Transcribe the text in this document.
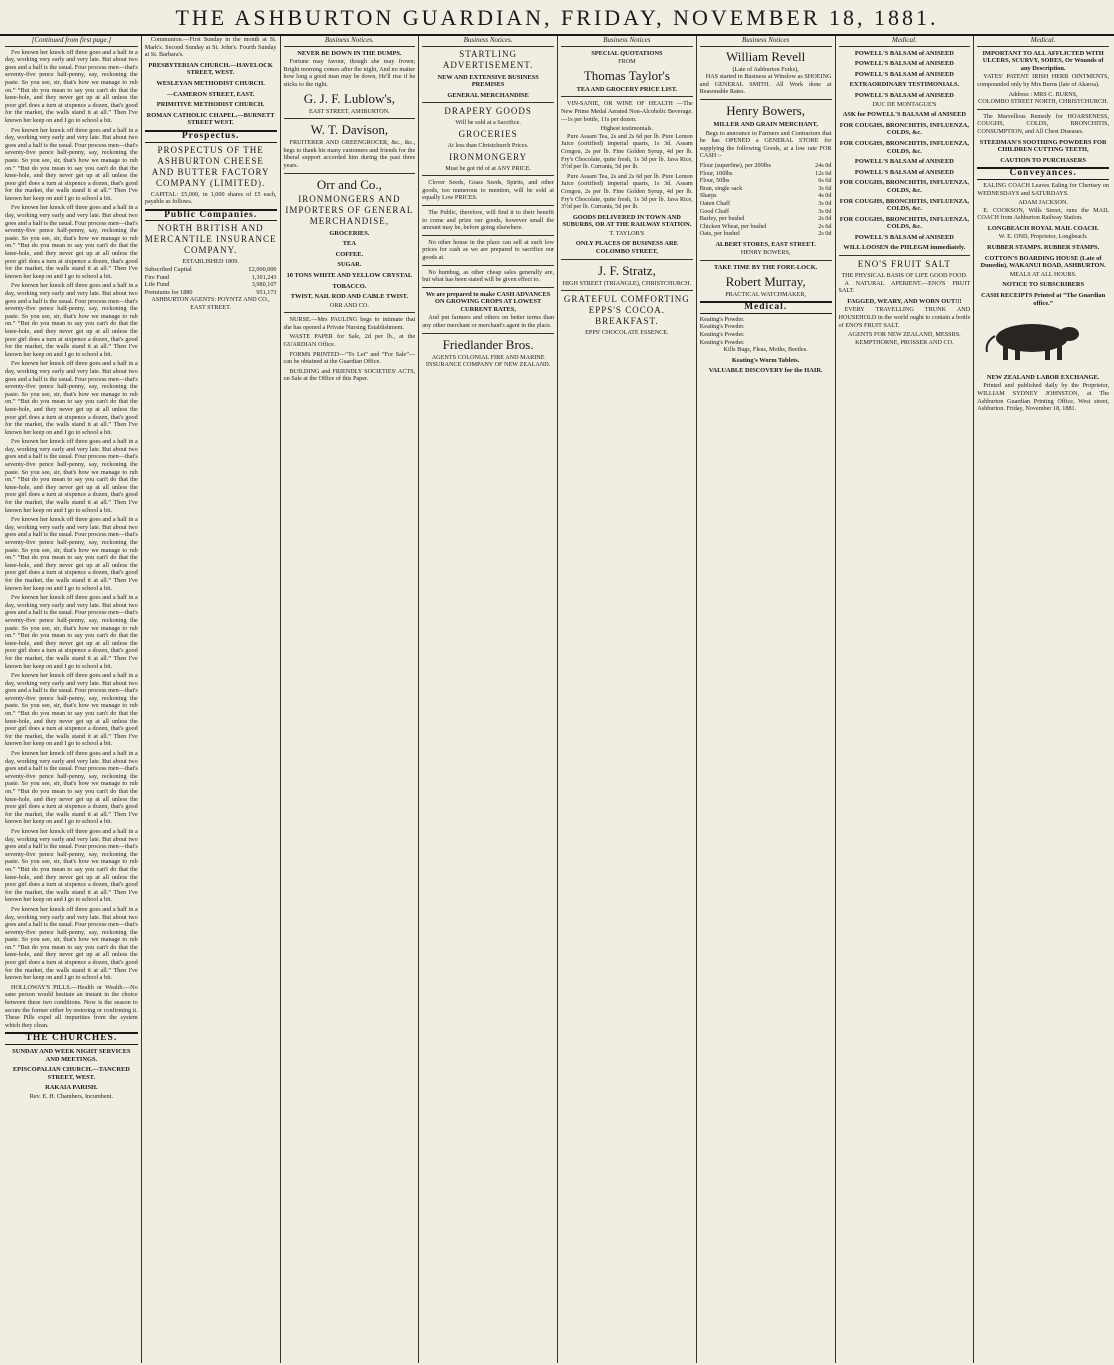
THE ASHBURTON GUARDIAN, FRIDAY, NOVEMBER 18, 1881.
[Continued from first page.]

I've known her knock off three goes and a half in a day, working very early and very late. But about two goes and a half is the usual. Four process men—that's seventy-five pence half-penny, say, reckoning the paste. So you see, sir, that's how we manage to rub on.” “But do you mean to say you can't do that the knee-hole, and they never get up at all unless the poor girl does a turn at sixpence a dozen, that's good for the market, the walls stand it at all.” Then I've known her keep on and I go to school a bit.

I've known her knock off three goes and a half in a day, working very early and very late. But about two goes and a half is the usual. Four process men—that's seventy-five pence half-penny, say, reckoning the paste. So you see, sir, that's how we manage to rub on.” “But do you mean to say you can't do that the knee-hole, and they never get up at all unless the poor girl does a turn at sixpence a dozen, that's good for the market, the walls stand it at all.” Then I've known her keep on and I go to school a bit.

I've known her knock off three goes and a half in a day, working very early and very late. But about two goes and a half is the usual. Four process men—that's seventy-five pence half-penny, say, reckoning the paste. So you see, sir, that's how we manage to rub on.” “But do you mean to say you can't do that the knee-hole, and they never get up at all unless the poor girl does a turn at sixpence a dozen, that's good for the market, the walls stand it at all.” Then I've known her keep on and I go to school a bit.

I've known her knock off three goes and a half in a day, working very early and very late. But about two goes and a half is the usual. Four process men—that's seventy-five pence half-penny, say, reckoning the paste. So you see, sir, that's how we manage to rub on.” “But do you mean to say you can't do that the knee-hole, and they never get up at all unless the poor girl does a turn at sixpence a dozen, that's good for the market, the walls stand it at all.” Then I've known her keep on and I go to school a bit.

I've known her knock off three goes and a half in a day, working very early and very late. But about two goes and a half is the usual. Four process men—that's seventy-five pence half-penny, say, reckoning the paste. So you see, sir, that's how we manage to rub on.” “But do you mean to say you can't do that the knee-hole, and they never get up at all unless the poor girl does a turn at sixpence a dozen, that's good for the market, the walls stand it at all.” Then I've known her keep on and I go to school a bit.

I've known her knock off three goes and a half in a day, working very early and very late. But about two goes and a half is the usual. Four process men—that's seventy-five pence half-penny, say, reckoning the paste. So you see, sir, that's how we manage to rub on.” “But do you mean to say you can't do that the knee-hole, and they never get up at all unless the poor girl does a turn at sixpence a dozen, that's good for the market, the walls stand it at all.” Then I've known her keep on and I go to school a bit.

I've known her knock off three goes and a half in a day, working very early and very late. But about two goes and a half is the usual. Four process men—that's seventy-five pence half-penny, say, reckoning the paste. So you see, sir, that's how we manage to rub on.” “But do you mean to say you can't do that the knee-hole, and they never get up at all unless the poor girl does a turn at sixpence a dozen, that's good for the market, the walls stand it at all.” Then I've known her keep on and I go to school a bit.

I've known her knock off three goes and a half in a day, working very early and very late. But about two goes and a half is the usual. Four process men—that's seventy-five pence half-penny, say, reckoning the paste. So you see, sir, that's how we manage to rub on.” “But do you mean to say you can't do that the knee-hole, and they never get up at all unless the poor girl does a turn at sixpence a dozen, that's good for the market, the walls stand it at all.” Then I've known her keep on and I go to school a bit.

I've known her knock off three goes and a half in a day, working very early and very late. But about two goes and a half is the usual. Four process men—that's seventy-five pence half-penny, say, reckoning the paste. So you see, sir, that's how we manage to rub on.” “But do you mean to say you can't do that the knee-hole, and they never get up at all unless the poor girl does a turn at sixpence a dozen, that's good for the market, the walls stand it at all.” Then I've known her keep on and I go to school a bit.

I've known her knock off three goes and a half in a day, working very early and very late. But about two goes and a half is the usual. Four process men—that's seventy-five pence half-penny, say, reckoning the paste. So you see, sir, that's how we manage to rub on.” “But do you mean to say you can't do that the knee-hole, and they never get up at all unless the poor girl does a turn at sixpence a dozen, that's good for the market, the walls stand it at all.” Then I've known her keep on and I go to school a bit.

I've known her knock off three goes and a half in a day, working very early and very late. But about two goes and a half is the usual. Four process men—that's seventy-five pence half-penny, say, reckoning the paste. So you see, sir, that's how we manage to rub on.” “But do you mean to say you can't do that the knee-hole, and they never get up at all unless the poor girl does a turn at sixpence a dozen, that's good for the market, the walls stand it at all.” Then I've known her keep on and I go to school a bit.

I've known her knock off three goes and a half in a day, working very early and very late. But about two goes and a half is the usual. Four process men—that's seventy-five pence half-penny, say, reckoning the paste. So you see, sir, that's how we manage to rub on.” “But do you mean to say you can't do that the knee-hole, and they never get up at all unless the poor girl does a turn at sixpence a dozen, that's good for the market, the walls stand it at all.” Then I've known her keep on and I go to school a bit.

HOLLOWAY'S PILLS.—Health or Wealth.—No sane person would hesitate an instant in the choice between these two conditions. Now is the season to secure the former either by restoring or confirming it. These Pills expel all impurities from the system which they clean.

THE CHURCHES.
SUNDAY AND WEEK NIGHT SERVICES AND MEETINGS.
EPISCOPALIAN CHURCH.—TANCRED STREET, WEST.
RAKAIA PARISH.

Rev. E. H. Chambers, Incumbent.

Communion.—First Sunday in the month at St. Mark's. Second Sunday at St. John's. Fourth Sunday at St. Barbara's.

PRESBYTERIAN CHURCH.—HAVELOCK STREET, WEST.
WESLEYAN METHODIST CHURCH.
—CAMERON STREET, EAST.
PRIMITIVE METHODIST CHURCH.
ROMAN CATHOLIC CHAPEL.—BURNETT STREET WEST.
Prospectus.
PROSPECTUS OF THE ASHBURTON CHEESE AND BUTTER FACTORY COMPANY (LIMITED).

CAPITAL: £5,000, in 1,000 shares of £5 each, payable as follows.

Public Companies.
NORTH BRITISH AND MERCANTILE INSURANCE COMPANY.
ESTABLISHED 1809.
Subscribed Capital	£2,000,000
Fire Fund	1,301,243
Life Fund	3,980,107
Premiums for 1880	951,173
ASHBURTON AGENTS: POYNTZ AND CO., EAST STREET.
Business Notices.
NEVER BE DOWN IN THE DUMPS.

Fortune may favour, though she may frown; Bright morning comes after the night, And no matter how long a good man may be down, He'll rise if he sticks to the right.

G. J. F. Lublow's,
EAST STREET, ASHBURTON.
W. T. Davison,

FRUITERER AND GREENGROCER, &c., &c., begs to thank his many customers and friends for the liberal support accorded him during the past three years.

Orr and Co.,
IRONMONGERS AND IMPORTERS OF GENERAL MERCHANDISE,
GROCERIES.
TEA
COFFEE.
SUGAR.
10 TONS WHITE AND YELLOW CRYSTAL
TOBACCO.
TWIST, NAIL ROD AND CABLE TWIST.
ORR AND CO.

NURSE.—Mrs PAULING begs to intimate that she has opened a Private Nursing Establishment.

WASTE PAPER for Sale, 2d per lb., at the GUARDIAN Office.

FORMS PRINTED—“To Let” and “For Sale”—can be obtained at the Guardian Office.

BUILDING and FRIENDLY SOCIETIES' ACTS, on Sale at the Office of this Paper.

Business Notices.
STARTLING ADVERTISEMENT.
NEW AND EXTENSIVE BUSINESS PREMISES
GENERAL MERCHANDISE
DRAPERY GOODS

Will be sold at a Sacrifice.

GROCERIES

At less than Christchurch Prices.

IRONMONGERY

Must be got rid of at ANY PRICE.

Clover Seeds, Grass Seeds, Spirits, and other goods, too numerous to mention, will be sold at equally Low PRICES.

The Public, therefore, will find it to their benefit to come and prize our goods, however small the amount may be, before going elsewhere.

No other house in the place can sell at such low prices for cash as we are prepared to sacrifice our goods at.

No humbug, as other cheap sales generally are, but what has been stated will be given effect to.

We are prepared to make CASH ADVANCES ON GROWING CROPS AT LOWEST CURRENT RATES,

And put farmers and others on better terms than any other merchant or merchant's agent in the place.

Friedlander Bros.
AGENTS COLONIAL FIRE AND MARINE INSURANCE COMPANY OF NEW ZEALAND.
Business Notices
SPECIAL QUOTATIONS
FROM
Thomas Taylor's
TEA AND GROCERY PRICE LIST.

VIN-SANIE, OR WINE OF HEALTH —The New Prime Medal Aerated Non-Alcoholic Beverage.—1s per bottle, 11s per dozen.

Highest testimonials.

Pure Assam Tea, 2s and 2s 6d per lb. Pure Lemon Juice (certified) imperial quarts, 1s 3d. Assam Congou, 2s per lb. Fine Golden Syrup, 4d per lb. Fry's Chocolate, quite fresh, 1s 3d per lb. Java Rice, 3½d per lb. Currants, 5d per lb.

Pure Assam Tea, 2s and 2s 6d per lb. Pure Lemon Juice (certified) imperial quarts, 1s 3d. Assam Congou, 2s per lb. Fine Golden Syrup, 4d per lb. Fry's Chocolate, quite fresh, 1s 3d per lb. Java Rice, 3½d per lb. Currants, 5d per lb.

GOODS DELIVERED IN TOWN AND SUBURBS, OR AT THE RAILWAY STATION.
T. TAYLOR'S
ONLY PLACES OF BUSINESS ARE COLOMBO STREET,
J. F. Stratz,
HIGH STREET (TRIANGLE), CHRISTCHURCH.
GRATEFUL COMFORTING EPPS'S COCOA. BREAKFAST.
EPPS' CHOCOLATE ESSENCE.
Business Notices
William Revell
(Late of Ashburton Forks),

HAS started in Business at Winslow as SHOEING and GENERAL SMITH. All Work done at Reasonable Rates.

Henry Bowers,
MILLER AND GRAIN MERCHANT,

Begs to announce to Farmers and Contractors that he has OPENED a GENERAL STORE for supplying the following Goods, at a low rate FOR CASH :-

Flour (superfine), per 200lbs	24s 0d
Flour, 100lbs	12s 6d
Flour, 50lbs	6s 6d
Bran, single sack	3s 6d
Sharps	4s 0d
Oaten Chaff	3s 0d
Good Chaff	3s 0d
Barley, per bushel	2s 0d
Chicken Wheat, per bushel	2s 6d
Oats, per bushel	2s 0d
ALBERT STORES, EAST STREET.
HENRY BOWERS,
TAKE TIME BY THE FORE-LOCK.
Robert Murray,
PRACTICAL WATCHMAKER,
Medical.
Keating's Powder.
Keating's Powder.
Keating's Powder.
Keating's Powder.
Kills Bugs, Fleas, Moths, Beetles.
Keating's Worm Tablets.
VALUABLE DISCOVERY for the HAIR.
Medical.
POWELL'S BALSAM of ANISEED
POWELL'S BALSAM of ANISEED
POWELL'S BALSAM of ANISEED
EXTRAORDINARY TESTIMONIALS.
POWELL'S BALSAM of ANISEED
DUC DE MONTAGUE'S
ASK for POWELL'S BALSAM of ANISEED
FOR COUGHS, BRONCHITIS, INFLUENZA, COLDS, &c.
FOR COUGHS, BRONCHITIS, INFLUENZA, COLDS, &c.
POWELL'S BALSAM of ANISEED
POWELL'S BALSAM of ANISEED
FOR COUGHS, BRONCHITIS, INFLUENZA, COLDS, &c.
FOR COUGHS, BRONCHITIS, INFLUENZA, COLDS, &c.
FOR COUGHS, BRONCHITIS, INFLUENZA, COLDS, &c.
POWELL'S BALSAM of ANISEED
WILL LOOSEN the PHLEGM immediately.
ENO'S FRUIT SALT
THE PHYSICAL BASIS OF LIFE GOOD FOOD.

A NATURAL APERIENT.—ENO'S FRUIT SALT.

FAGGED, WEARY, AND WORN OUT!!!

EVERY TRAVELLING TRUNK AND HOUSEHOLD in the world ought to contain a bottle of ENO'S FRUIT SALT.

AGENTS FOR NEW ZEALAND, MESSRS. KEMPTHORNE, PROSSER AND CO.
Medical.
IMPORTANT TO ALL AFFLICTED WITH ULCERS, SCURVY, SORES, Or Wounds of any Description.

YATES' PATENT IRISH HERB OINTMENTS, compounded only by Mrs Burns (late of Akaroa).

Address : MRS C. BURNS,
COLOMBO STREET NORTH, CHRISTCHURCH.

The Marvellous Remedy for HOARSENESS, COUGHS, COLDS, BRONCHITIS, CONSUMPTION, and All Chest Diseases.

STEEDMAN'S SOOTHING POWDERS FOR CHILDREN CUTTING TEETH,
CAUTION TO PURCHASERS
Conveyances.

EALING COACH Leaves Ealing for Chertsey on WEDNESDAYS and SATURDAYS.

ADAM JACKSON.

E. COOKSON, Wills Street, runs the MAIL COACH from Ashburton Railway Station.

LONGBEACH ROYAL MAIL COACH.
W. E. OND, Proprietor, Longbeach.
RUBBER STAMPS. RUBBER STAMPS.
COTTON'S BOARDING HOUSE (Late of Dunedin), WAKANUI ROAD, ASHBURTON.
MEALS AT ALL HOURS.
NOTICE TO SUBSCRIBERS
CASH RECEIPTS Printed at “The Guardian office.”
NEW ZEALAND LABOR EXCHANGE.

Printed and published daily by the Proprietor, WILLIAM SYDNEY JOHNSTON, at The Ashburton Guardian Printing Office, West street, Ashburton. Friday, November 18, 1881.
